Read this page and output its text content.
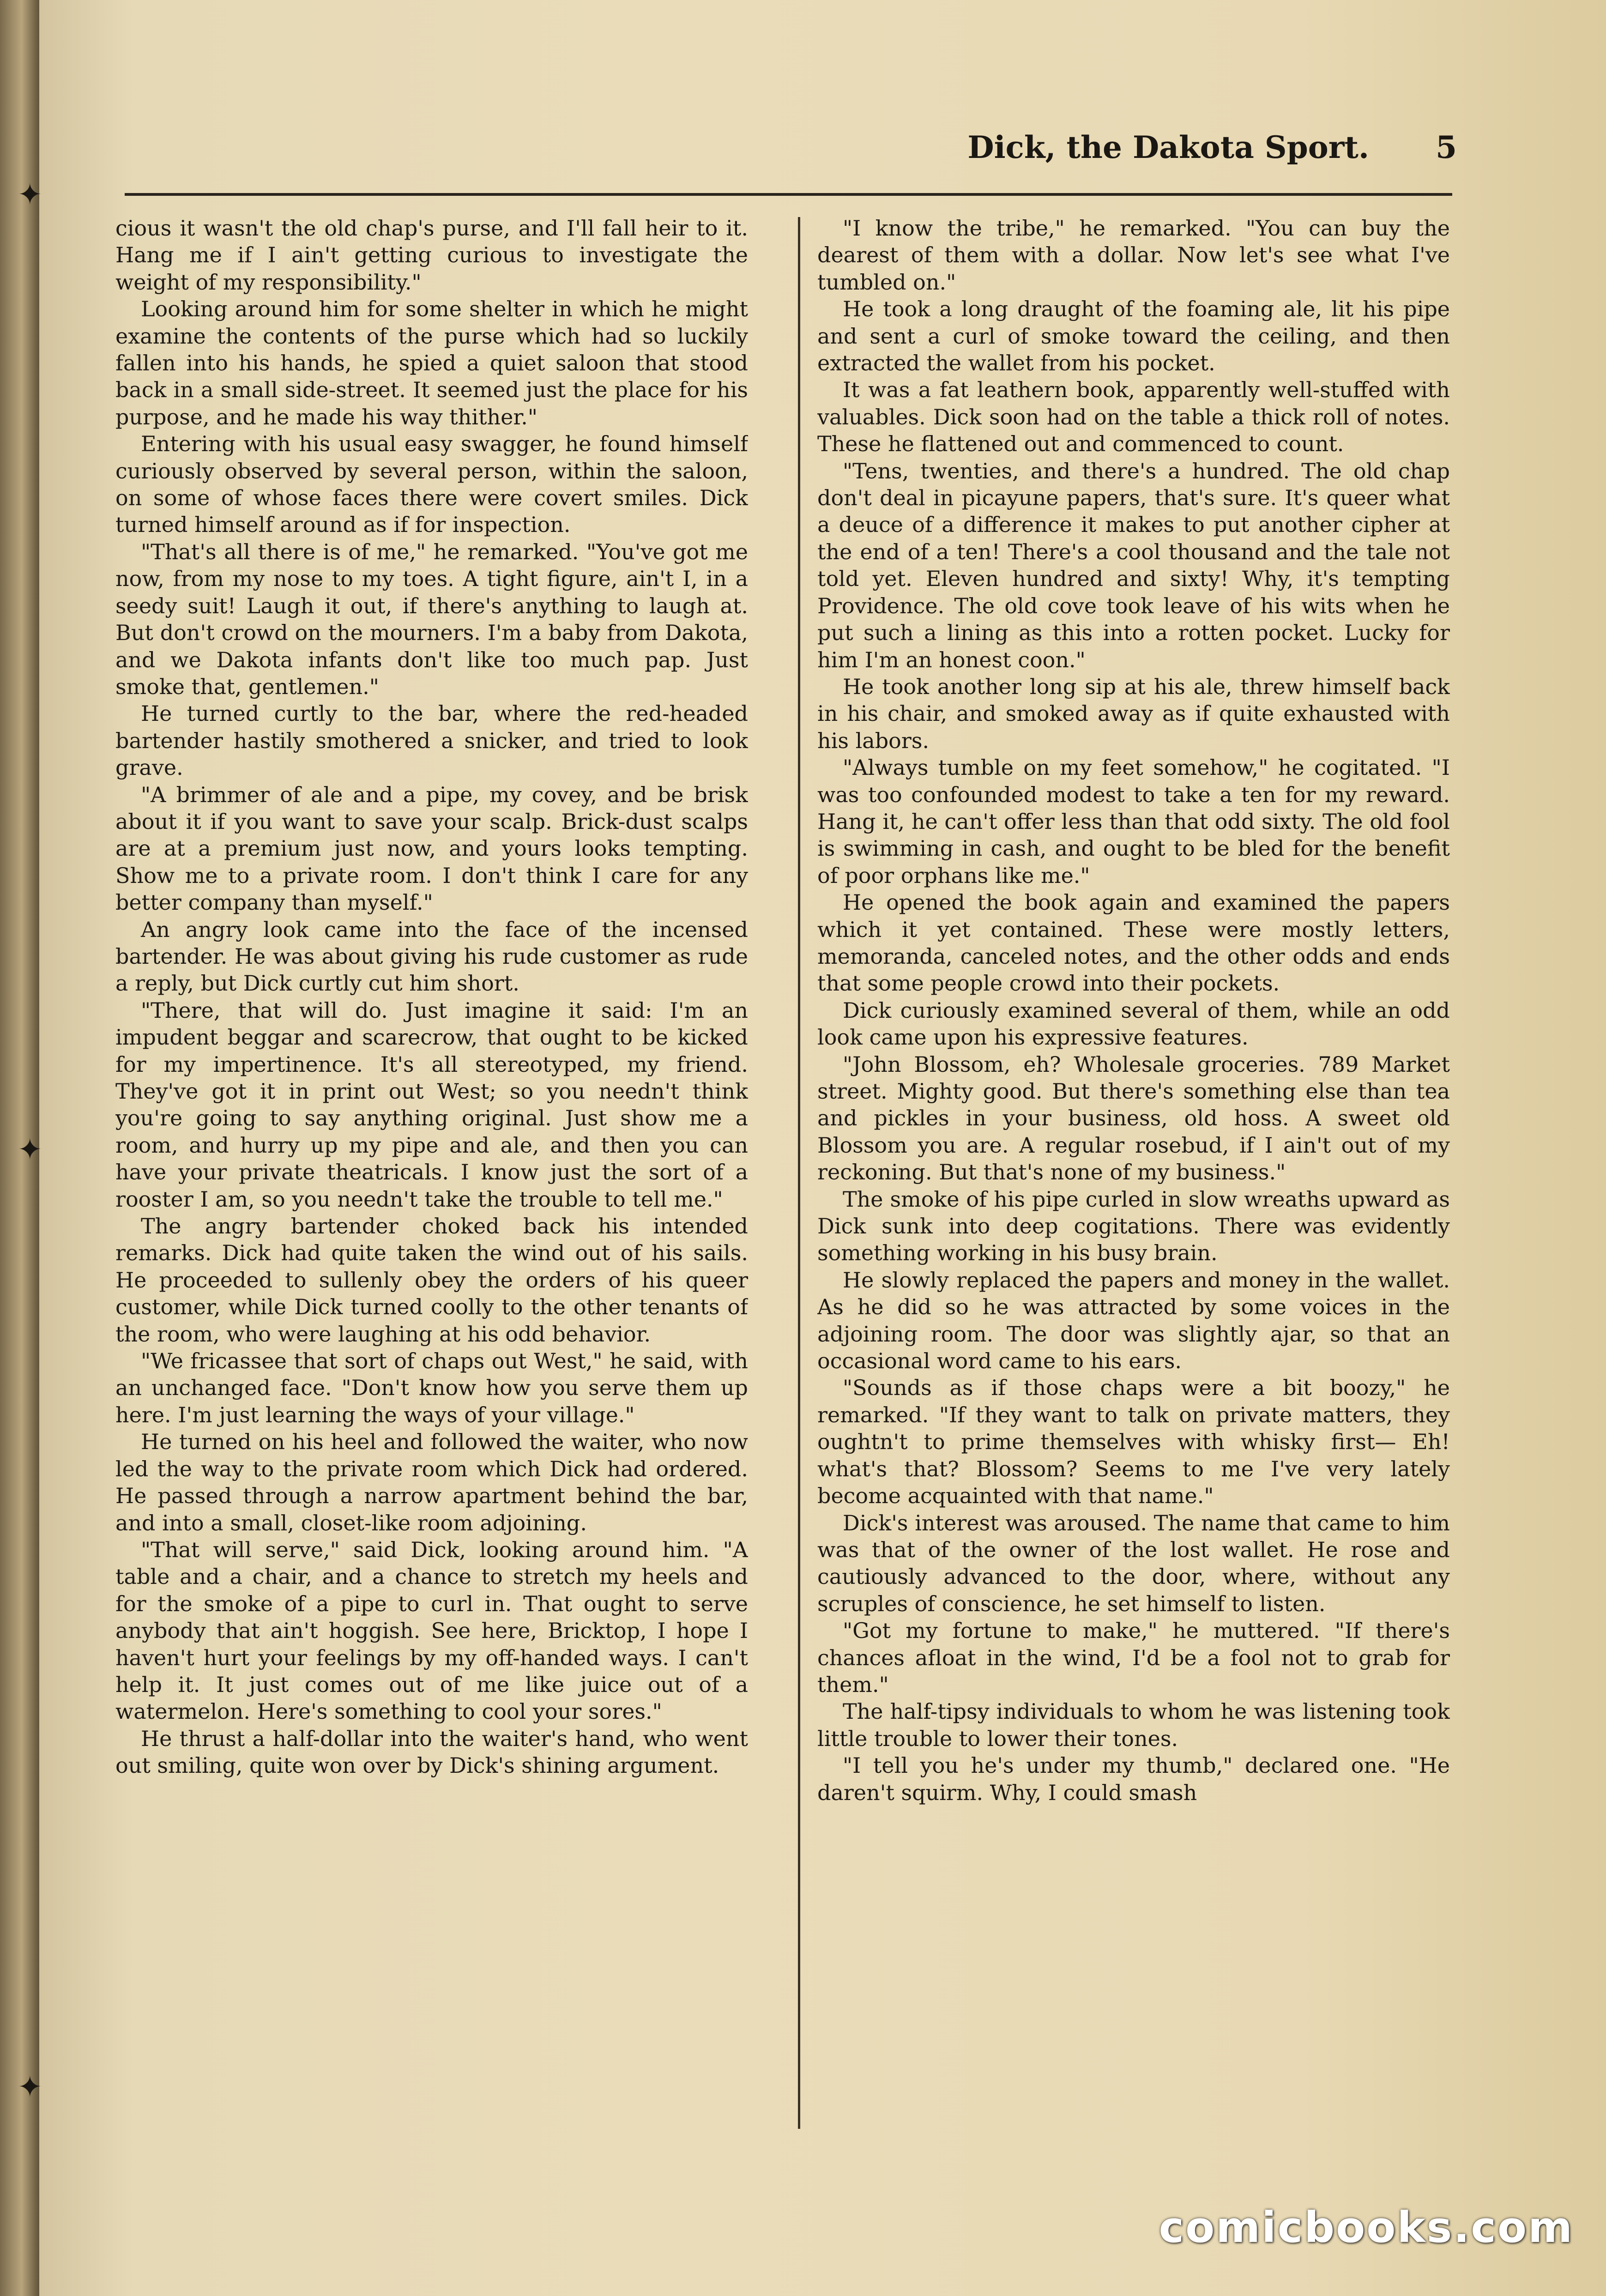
✦
✦
✦
Dick, the Dakota Sport. 5

cious it wasn't the old chap's purse, and I'll fall heir to it. Hang me if I ain't getting curious to investigate the weight of my responsibility."

Looking around him for some shelter in which he might examine the contents of the purse which had so luckily fallen into his hands, he spied a quiet saloon that stood back in a small side-street. It seemed just the place for his purpose, and he made his way thither."

Entering with his usual easy swagger, he found himself curiously observed by several person, within the saloon, on some of whose faces there were covert smiles. Dick turned himself around as if for inspection.

"That's all there is of me," he remarked. "You've got me now, from my nose to my toes. A tight figure, ain't I, in a seedy suit! Laugh it out, if there's anything to laugh at. But don't crowd on the mourners. I'm a baby from Dakota, and we Dakota infants don't like too much pap. Just smoke that, gentlemen."

He turned curtly to the bar, where the red-headed bartender hastily smothered a snicker, and tried to look grave.

"A brimmer of ale and a pipe, my covey, and be brisk about it if you want to save your scalp. Brick-dust scalps are at a premium just now, and yours looks tempting. Show me to a private room. I don't think I care for any better company than myself."

An angry look came into the face of the incensed bartender. He was about giving his rude customer as rude a reply, but Dick curtly cut him short.

"There, that will do. Just imagine it said: I'm an impudent beggar and scarecrow, that ought to be kicked for my impertinence. It's all stereotyped, my friend. They've got it in print out West; so you needn't think you're going to say anything original. Just show me a room, and hurry up my pipe and ale, and then you can have your private theatricals. I know just the sort of a rooster I am, so you needn't take the trouble to tell me."

The angry bartender choked back his intended remarks. Dick had quite taken the wind out of his sails. He proceeded to sullenly obey the orders of his queer customer, while Dick turned coolly to the other tenants of the room, who were laughing at his odd behavior.

"We fricassee that sort of chaps out West," he said, with an unchanged face. "Don't know how you serve them up here. I'm just learning the ways of your village."

He turned on his heel and followed the waiter, who now led the way to the private room which Dick had ordered. He passed through a narrow apartment behind the bar, and into a small, closet-like room adjoining.

"That will serve," said Dick, looking around him. "A table and a chair, and a chance to stretch my heels and for the smoke of a pipe to curl in. That ought to serve anybody that ain't hoggish. See here, Bricktop, I hope I haven't hurt your feelings by my off-handed ways. I can't help it. It just comes out of me like juice out of a watermelon. Here's something to cool your sores."

He thrust a half-dollar into the waiter's hand, who went out smiling, quite won over by Dick's shining argument.

"I know the tribe," he remarked. "You can buy the dearest of them with a dollar. Now let's see what I've tumbled on."

He took a long draught of the foaming ale, lit his pipe and sent a curl of smoke toward the ceiling, and then extracted the wallet from his pocket.

It was a fat leathern book, apparently well-stuffed with valuables. Dick soon had on the table a thick roll of notes. These he flattened out and commenced to count.

"Tens, twenties, and there's a hundred. The old chap don't deal in picayune papers, that's sure. It's queer what a deuce of a difference it makes to put another cipher at the end of a ten! There's a cool thousand and the tale not told yet. Eleven hundred and sixty! Why, it's tempting Providence. The old cove took leave of his wits when he put such a lining as this into a rotten pocket. Lucky for him I'm an honest coon."

He took another long sip at his ale, threw himself back in his chair, and smoked away as if quite exhausted with his labors.

"Always tumble on my feet somehow," he cogitated. "I was too confounded modest to take a ten for my reward. Hang it, he can't offer less than that odd sixty. The old fool is swimming in cash, and ought to be bled for the benefit of poor orphans like me."

He opened the book again and examined the papers which it yet contained. These were mostly letters, memoranda, canceled notes, and the other odds and ends that some people crowd into their pockets.

Dick curiously examined several of them, while an odd look came upon his expressive features.

"John Blossom, eh? Wholesale groceries. 789 Market street. Mighty good. But there's something else than tea and pickles in your business, old hoss. A sweet old Blossom you are. A regular rosebud, if I ain't out of my reckoning. But that's none of my business."

The smoke of his pipe curled in slow wreaths upward as Dick sunk into deep cogitations. There was evidently something working in his busy brain.

He slowly replaced the papers and money in the wallet. As he did so he was attracted by some voices in the adjoining room. The door was slightly ajar, so that an occasional word came to his ears.

"Sounds as if those chaps were a bit boozy," he remarked. "If they want to talk on private matters, they oughtn't to prime themselves with whisky first— Eh! what's that? Blossom? Seems to me I've very lately become acquainted with that name."

Dick's interest was aroused. The name that came to him was that of the owner of the lost wallet. He rose and cautiously advanced to the door, where, without any scruples of conscience, he set himself to listen.

"Got my fortune to make," he muttered. "If there's chances afloat in the wind, I'd be a fool not to grab for them."

The half-tipsy individuals to whom he was listening took little trouble to lower their tones.

"I tell you he's under my thumb," declared one. "He daren't squirm. Why, I could smash

comicbooks.com
